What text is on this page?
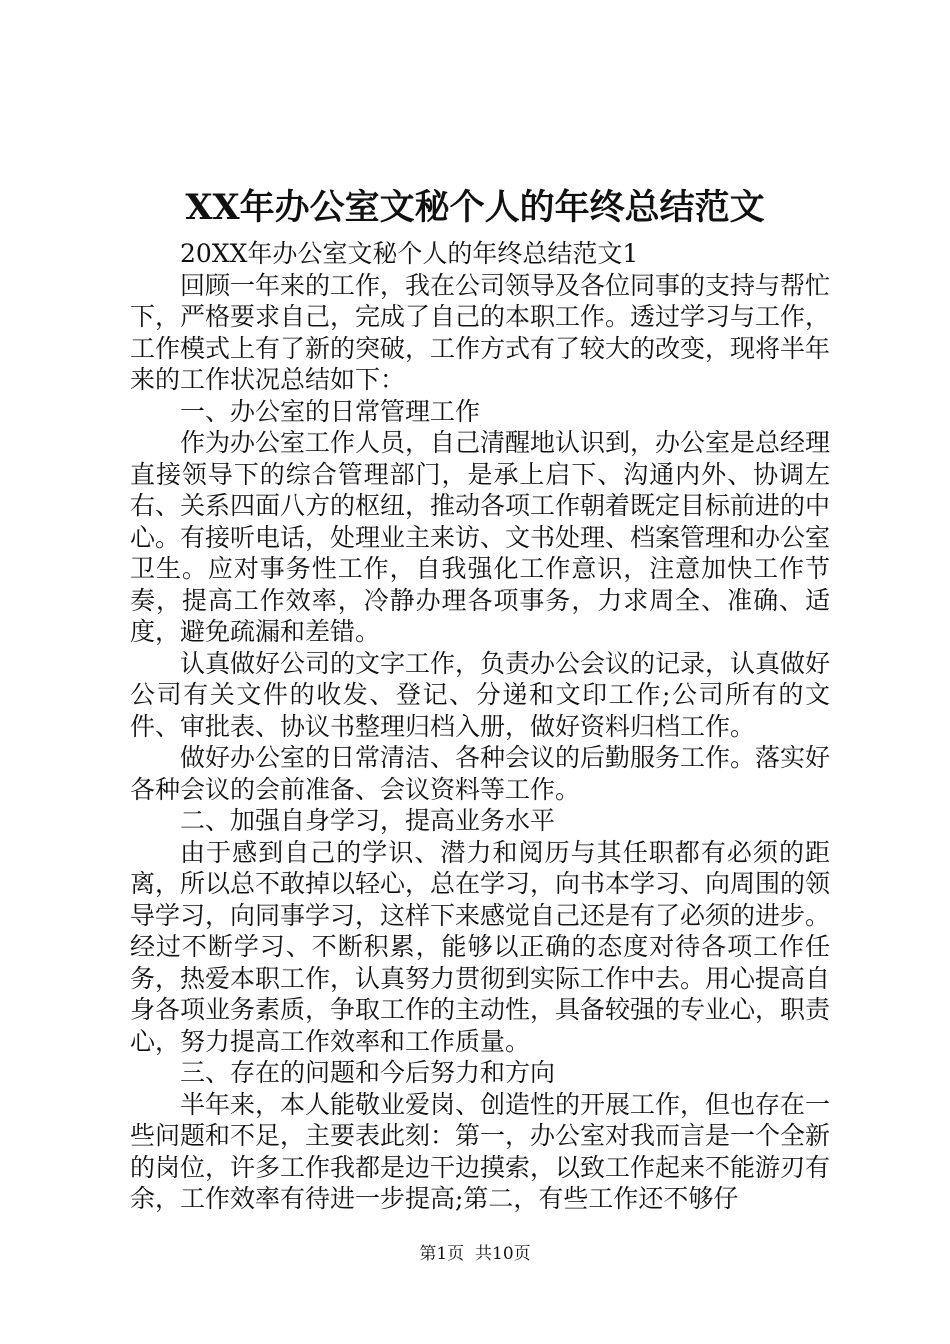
XX年办公室文秘个人的年终总结范文

20XX年办公室文秘个人的年终总结范文1

回顾一年来的工作，我在公司领导及各位同事的支持与帮忙下，严格要求自己，完成了自己的本职工作。透过学习与工作，工作模式上有了新的突破，工作方式有了较大的改变，现将半年来的工作状况总结如下：

一、办公室的日常管理工作

作为办公室工作人员，自己清醒地认识到，办公室是总经理直接领导下的综合管理部门，是承上启下、沟通内外、协调左右、关系四面八方的枢纽，推动各项工作朝着既定目标前进的中心。有接听电话，处理业主来访、文书处理、档案管理和办公室卫生。应对事务性工作，自我强化工作意识，注意加快工作节奏，提高工作效率，冷静办理各项事务，力求周全、准确、适度，避免疏漏和差错。

认真做好公司的文字工作，负责办公会议的记录，认真做好公司有关文件的收发、登记、分递和文印工作;公司所有的文件、审批表、协议书整理归档入册，做好资料归档工作。

做好办公室的日常清洁、各种会议的后勤服务工作。落实好各种会议的会前准备、会议资料等工作。

二、加强自身学习，提高业务水平

由于感到自己的学识、潜力和阅历与其任职都有必须的距离，所以总不敢掉以轻心，总在学习，向书本学习、向周围的领导学习，向同事学习，这样下来感觉自己还是有了必须的进步。经过不断学习、不断积累，能够以正确的态度对待各项工作任务，热爱本职工作，认真努力贯彻到实际工作中去。用心提高自身各项业务素质，争取工作的主动性，具备较强的专业心，职责心，努力提高工作效率和工作质量。

三、存在的问题和今后努力和方向

半年来，本人能敬业爱岗、创造性的开展工作，但也存在一些问题和不足，主要表此刻：第一，办公室对我而言是一个全新的岗位，许多工作我都是边干边摸索，以致工作起来不能游刃有余，工作效率有待进一步提高;第二，有些工作还不够仔

第1页 共10页
